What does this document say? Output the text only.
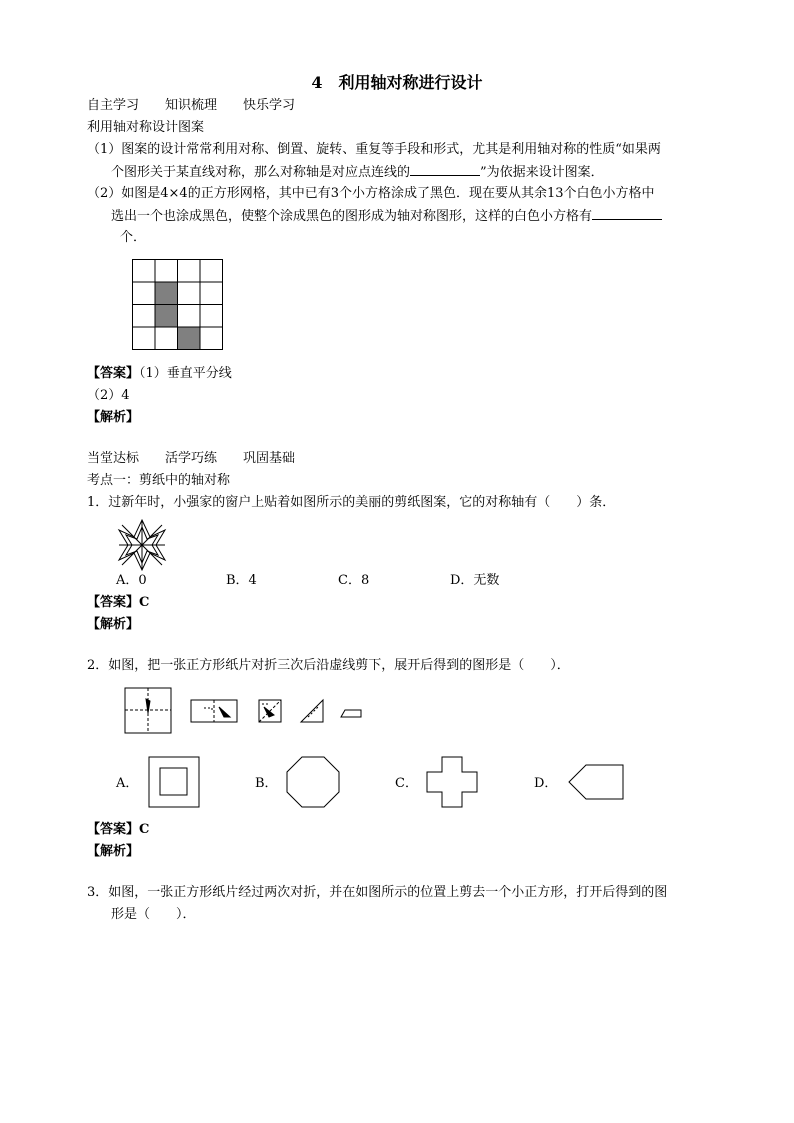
4　利用轴对称进行设计
自主学习　　知识梳理　　快乐学习
利用轴对称设计图案
（1）图案的设计常常利用对称、倒置、旋转、重复等手段和形式，尤其是利用轴对称的性质“如果两
个图形关于某直线对称，那么对称轴是对应点连线的	”为依据来设计图案．
（2）如图是4×4的正方形网格，其中已有3个小方格涂成了黑色．现在要从其余13个白色小方格中
选出一个也涂成黑色，使整个涂成黑色的图形成为轴对称图形，这样的白色小方格有
个．
【答案】（1）垂直平分线
（2）4
【解析】
当堂达标　　活学巧练　　巩固基础
考点一：剪纸中的轴对称
1．过新年时，小强家的窗户上贴着如图所示的美丽的剪纸图案，它的对称轴有（　　）条．
A．0	B．4	C．8	D．无数
【答案】C
【解析】
2．如图，把一张正方形纸片对折三次后沿虚线剪下，展开后得到的图形是（　　）．
A．	B．	C．	D．
【答案】C
【解析】
3．如图，一张正方形纸片经过两次对折，并在如图所示的位置上剪去一个小正方形，打开后得到的图
形是（　　）．
